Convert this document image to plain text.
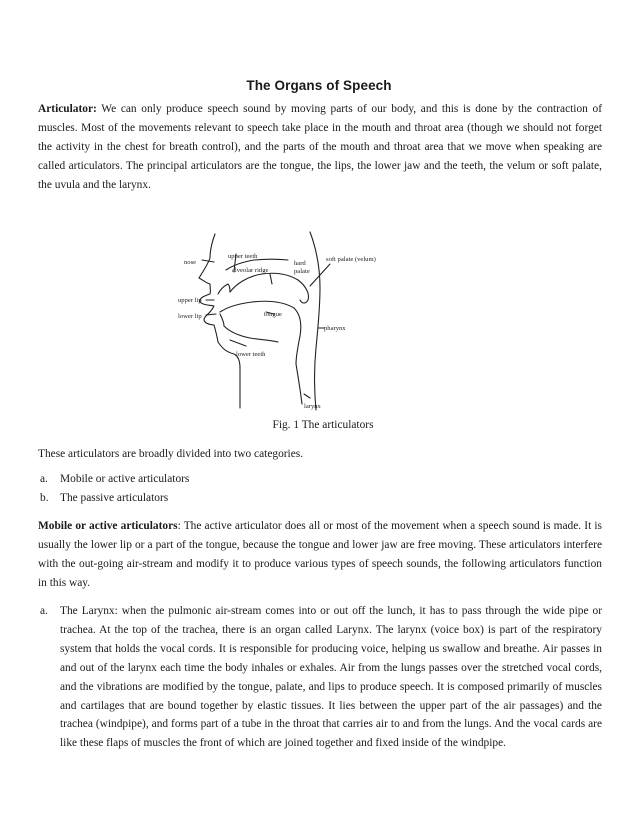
The Organs of Speech

Articulator: We can only produce speech sound by moving parts of our body, and this is done by the contraction of muscles. Most of the movements relevant to speech take place in the mouth and throat area (though we should not forget the activity in the chest for breath control), and the parts of the mouth and throat area that we move when speaking are called articulators. The principal articulators are the tongue, the lips, the lower jaw and the teeth, the velum or soft palate, the uvula and the larynx.

nose
upper teeth
alveolar ridge
hard
palate
soft palate (velum)
upper lip
lower lip	tongue
pharynx
lower teeth
larynx
Fig. 1 The articulators

These articulators are broadly divided into two categories.

a. Mobile or active articulators
b. The passive articulators

Mobile or active articulators: The active articulator does all or most of the movement when a speech sound is made. It is usually the lower lip or a part of the tongue, because the tongue and lower jaw are free moving. These articulators interfere with the out-going air-stream and modify it to produce various types of speech sounds, the following articulators function in this way.

a. The Larynx: when the pulmonic air-stream comes into or out off the lunch, it has to pass through the wide pipe or trachea. At the top of the trachea, there is an organ called Larynx. The larynx (voice box) is part of the respiratory system that holds the vocal cords. It is responsible for producing voice, helping us swallow and breathe. Air passes in and out of the larynx each time the body inhales or exhales. Air from the lungs passes over the stretched vocal cords, and the vibrations are modified by the tongue, palate, and lips to produce speech. It is composed primarily of muscles and cartilages that are bound together by elastic tissues. It lies between the upper part of the air passages) and the trachea (windpipe), and forms part of a tube in the throat that carries air to and from the lungs. And the vocal cards are like these flaps of muscles the front of which are joined together and fixed inside of the windpipe.
